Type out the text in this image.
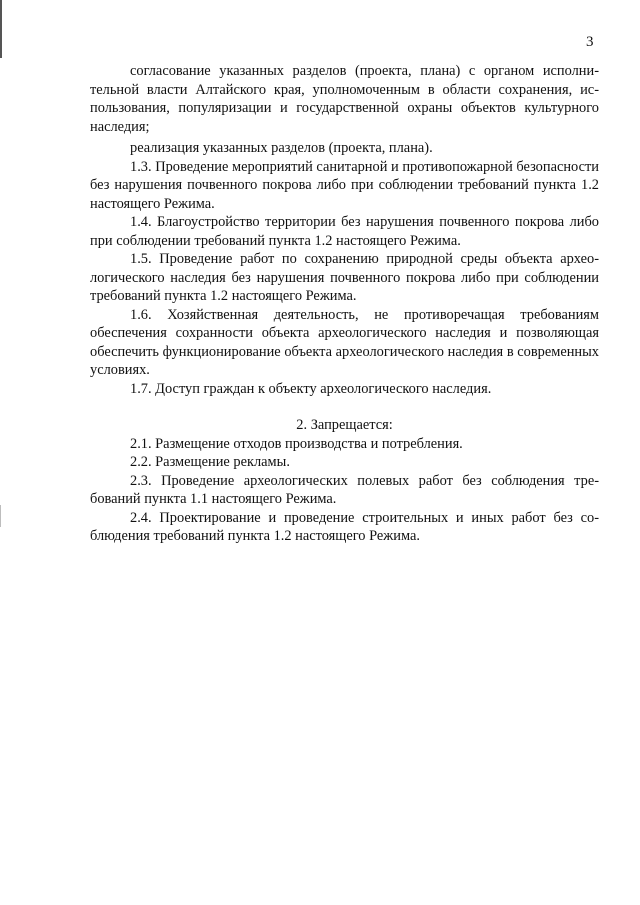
3

согласование указанных разделов (проекта, плана) с органом исполнительной власти Алтайского края, уполномоченным в области сохранения, использования, популяризации и государственной охраны объектов культурного наследия;

реализация указанных разделов (проекта, плана).

1.3. Проведение мероприятий санитарной и противопожарной безопасности без нарушения почвенного покрова либо при соблюдении требований пункта 1.2 настоящего Режима.

1.4. Благоустройство территории без нарушения почвенного покрова либо при соблюдении требований пункта 1.2 настоящего Режима.

1.5. Проведение работ по сохранению природной среды объекта археологического наследия без нарушения почвенного покрова либо при соблюдении требований пункта 1.2 настоящего Режима.

1.6. Хозяйственная деятельность, не противоречащая требованиям обеспечения сохранности объекта археологического наследия и позволяющая обеспечить функционирование объекта археологического наследия в современных условиях.

1.7. Доступ граждан к объекту археологического наследия.

2. Запрещается:

2.1. Размещение отходов производства и потребления.

2.2. Размещение рекламы.

2.3. Проведение археологических полевых работ без соблюдения требований пункта 1.1 настоящего Режима.

2.4. Проектирование и проведение строительных и иных работ без соблюдения требований пункта 1.2 настоящего Режима.
